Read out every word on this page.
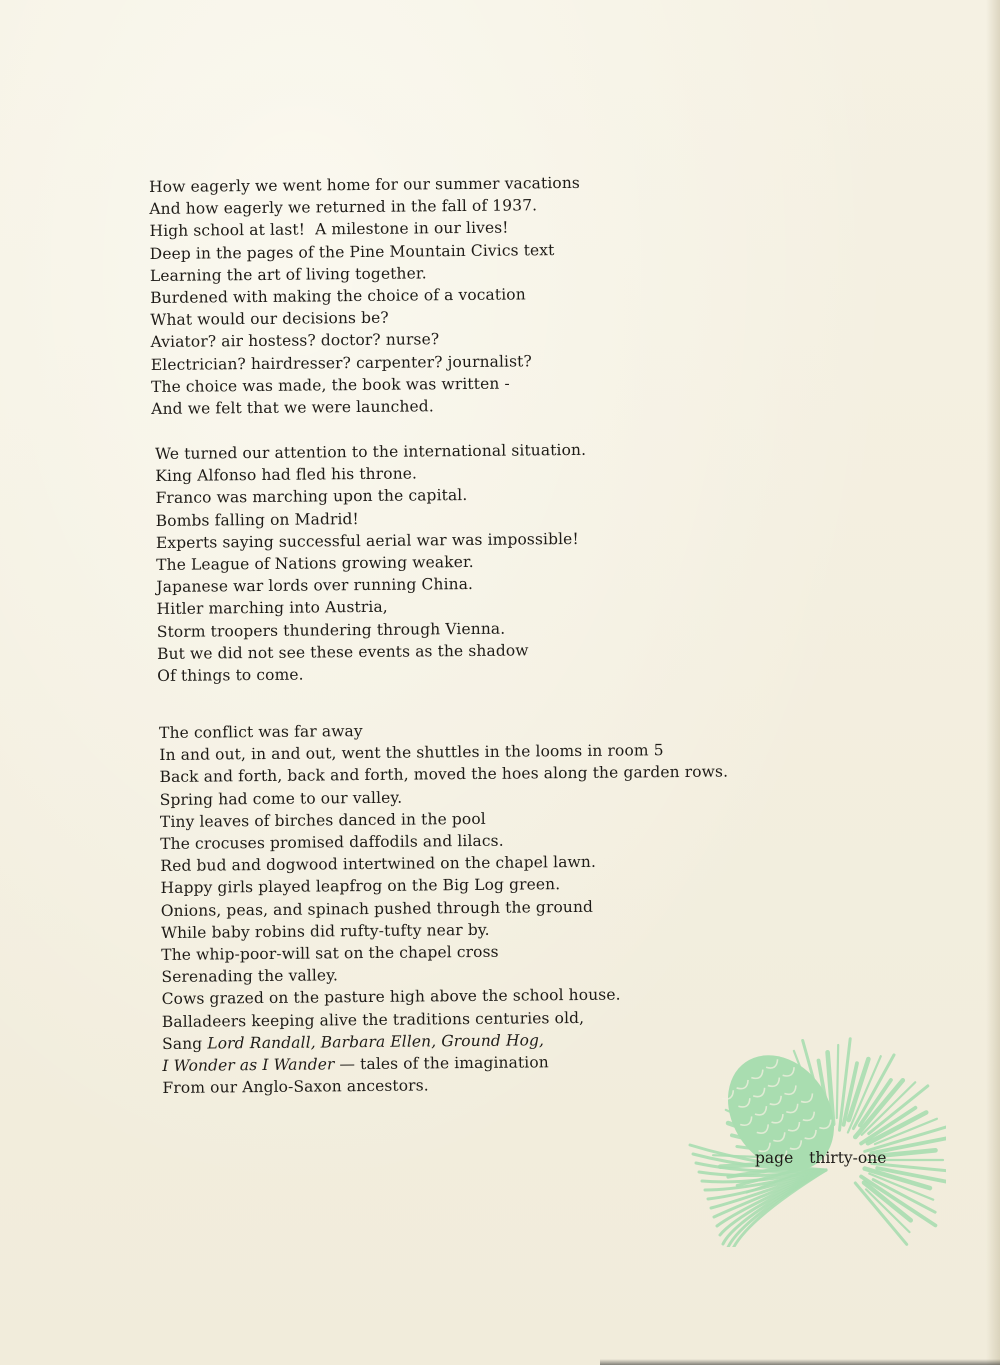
How eagerly we went home for our summer vacations
And how eagerly we returned in the fall of 1937.
High school at last!  A milestone in our lives!
Deep in the pages of the Pine Mountain Civics text
Learning the art of living together.
Burdened with making the choice of a vocation
What would our decisions be?
Aviator? air hostess? doctor? nurse?
Electrician? hairdresser? carpenter? journalist?
The choice was made, the book was written -
And we felt that we were launched.
We turned our attention to the international situation.
King Alfonso had fled his throne.
Franco was marching upon the capital.
Bombs falling on Madrid!
Experts saying successful aerial war was impossible!
The League of Nations growing weaker.
Japanese war lords over running China.
Hitler marching into Austria,
Storm troopers thundering through Vienna.
But we did not see these events as the shadow
Of things to come.
The conflict was far away
In and out, in and out, went the shuttles in the looms in room 5
Back and forth, back and forth, moved the hoes along the garden rows.
Spring had come to our valley.
Tiny leaves of birches danced in the pool
The crocuses promised daffodils and lilacs.
Red bud and dogwood intertwined on the chapel lawn.
Happy girls played leapfrog on the Big Log green.
Onions, peas, and spinach pushed through the ground
While baby robins did rufty-tufty near by.
The whip-poor-will sat on the chapel cross
Serenading the valley.
Cows grazed on the pasture high above the school house.
Balladeers keeping alive the traditions centuries old,
Sang Lord Randall, Barbara Ellen, Ground Hog,
I Wonder as I Wander — tales of the imagination
From our Anglo-Saxon ancestors.
page  thirty-one
